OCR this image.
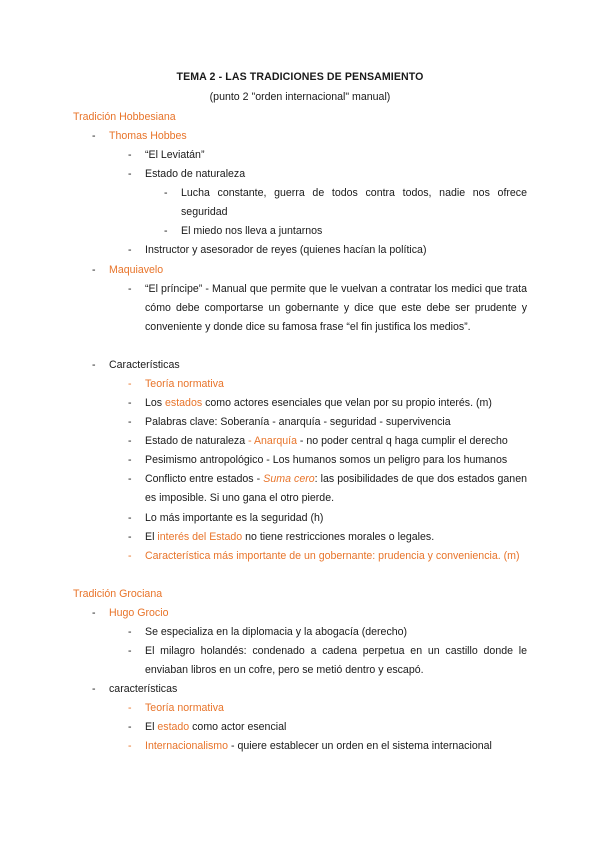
TEMA 2 - LAS TRADICIONES DE PENSAMIENTO
(punto 2 "orden internacional" manual)
Tradición Hobbesiana
- Thomas Hobbes
- “El Leviatán”
- Estado de naturaleza
- Lucha constante, guerra de todos contra todos, nadie nos ofrece seguridad
- El miedo nos lleva a juntarnos
- Instructor y asesorador de reyes (quienes hacían la política)
- Maquiavelo
- “El príncipe” - Manual que permite que le vuelvan a contratar los medici que trata cómo debe comportarse un gobernante y dice que este debe ser prudente y conveniente y donde dice su famosa frase “el fin justifica los medios”.
- Características
- Teoría normativa
- Los estados como actores esenciales que velan por su propio interés. (m)
- Palabras clave: Soberanía - anarquía - seguridad - supervivencia
- Estado de naturaleza - Anarquía - no poder central q haga cumplir el derecho
- Pesimismo antropológico - Los humanos somos un peligro para los humanos
- Conflicto entre estados - Suma cero: las posibilidades de que dos estados ganen es imposible. Si uno gana el otro pierde.
- Lo más importante es la seguridad (h)
- El interés del Estado no tiene restricciones morales o legales.
- Característica más importante de un gobernante: prudencia y conveniencia. (m)
Tradición Grociana
- Hugo Grocio
- Se especializa en la diplomacia y la abogacía (derecho)
- El milagro holandés: condenado a cadena perpetua en un castillo donde le enviaban libros en un cofre, pero se metió dentro y escapó.
- características
- Teoría normativa
- El estado como actor esencial
- Internacionalismo - quiere establecer un orden en el sistema internacional
